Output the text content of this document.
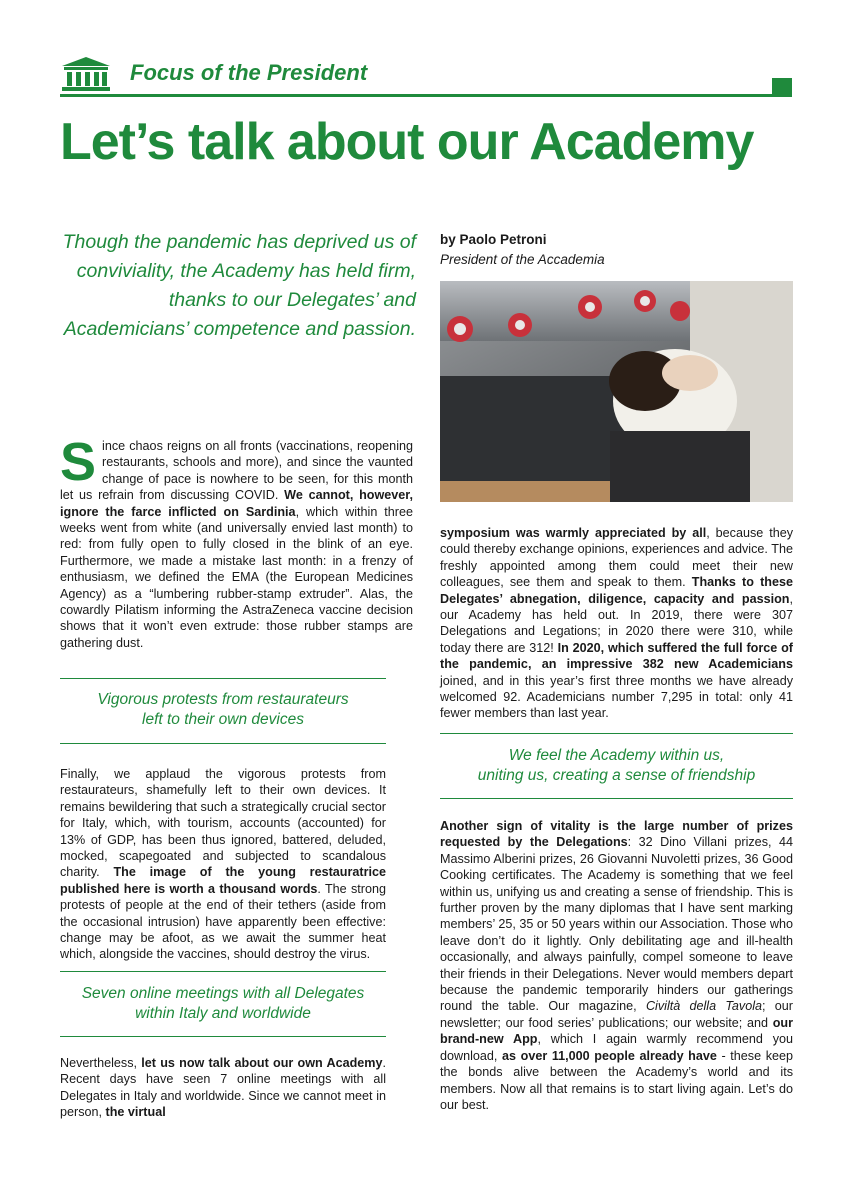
Focus of the President
Let’s talk about our Academy
Though the pandemic has deprived us of conviviality, the Academy has held firm, thanks to our Delegates’ and Academicians’ competence and passion.
by Paolo Petroni
President of the Accademia
Since chaos reigns on all fronts (vaccinations, reopening restaurants, schools and more), and since the vaunted change of pace is nowhere to be seen, for this month let us refrain from discussing COVID. We cannot, however, ignore the farce inflicted on Sardinia, which within three weeks went from white (and universally envied last month) to red: from fully open to fully closed in the blink of an eye. Furthermore, we made a mistake last month: in a frenzy of enthusiasm, we defined the EMA (the European Medicines Agency) as a “lumbering rubber-stamp extruder”. Alas, the cowardly Pilatism informing the AstraZeneca vaccine decision shows that it won’t even extrude: those rubber stamps are gathering dust.
Vigorous protests from restaurateurs
left to their own devices
Finally, we applaud the vigorous protests from restaurateurs, shamefully left to their own devices. It remains bewildering that such a strategically crucial sector for Italy, which, with tourism, accounts (accounted) for 13% of GDP, has been thus ignored, battered, deluded, mocked, scapegoated and subjected to scandalous charity. The image of the young restauratrice published here is worth a thousand words. The strong protests of people at the end of their tethers (aside from the occasional intrusion) have apparently been effective: change may be afoot, as we await the summer heat which, alongside the vaccines, should destroy the virus.
Seven online meetings with all Delegates
within Italy and worldwide
Nevertheless, let us now talk about our own Academy. Recent days have seen 7 online meetings with all Delegates in Italy and worldwide. Since we cannot meet in person, the virtual
symposium was warmly appreciated by all, because they could thereby exchange opinions, experiences and advice. The freshly appointed among them could meet their new colleagues, see them and speak to them. Thanks to these Delegates’ abnegation, diligence, capacity and passion, our Academy has held out. In 2019, there were 307 Delegations and Legations; in 2020 there were 310, while today there are 312! In 2020, which suffered the full force of the pandemic, an impressive 382 new Academicians joined, and in this year’s first three months we have already welcomed 92. Academicians number 7,295 in total: only 41 fewer members than last year.
We feel the Academy within us,
uniting us, creating a sense of friendship
Another sign of vitality is the large number of prizes requested by the Delegations: 32 Dino Villani prizes, 44 Massimo Alberini prizes, 26 Giovanni Nuvoletti prizes, 36 Good Cooking certificates. The Academy is something that we feel within us, unifying us and creating a sense of friendship. This is further proven by the many diplomas that I have sent marking members’ 25, 35 or 50 years within our Association. Those who leave don’t do it lightly. Only debilitating age and ill-health occasionally, and always painfully, compel someone to leave their friends in their Delegations. Never would members depart because the pandemic temporarily hinders our gatherings round the table. Our magazine, Civiltà della Tavola; our newsletter; our food series’ publications; our website; and our brand-new App, which I again warmly recommend you download, as over 11,000 people already have - these keep the bonds alive between the Academy’s world and its members. Now all that remains is to start living again. Let’s do our best.
